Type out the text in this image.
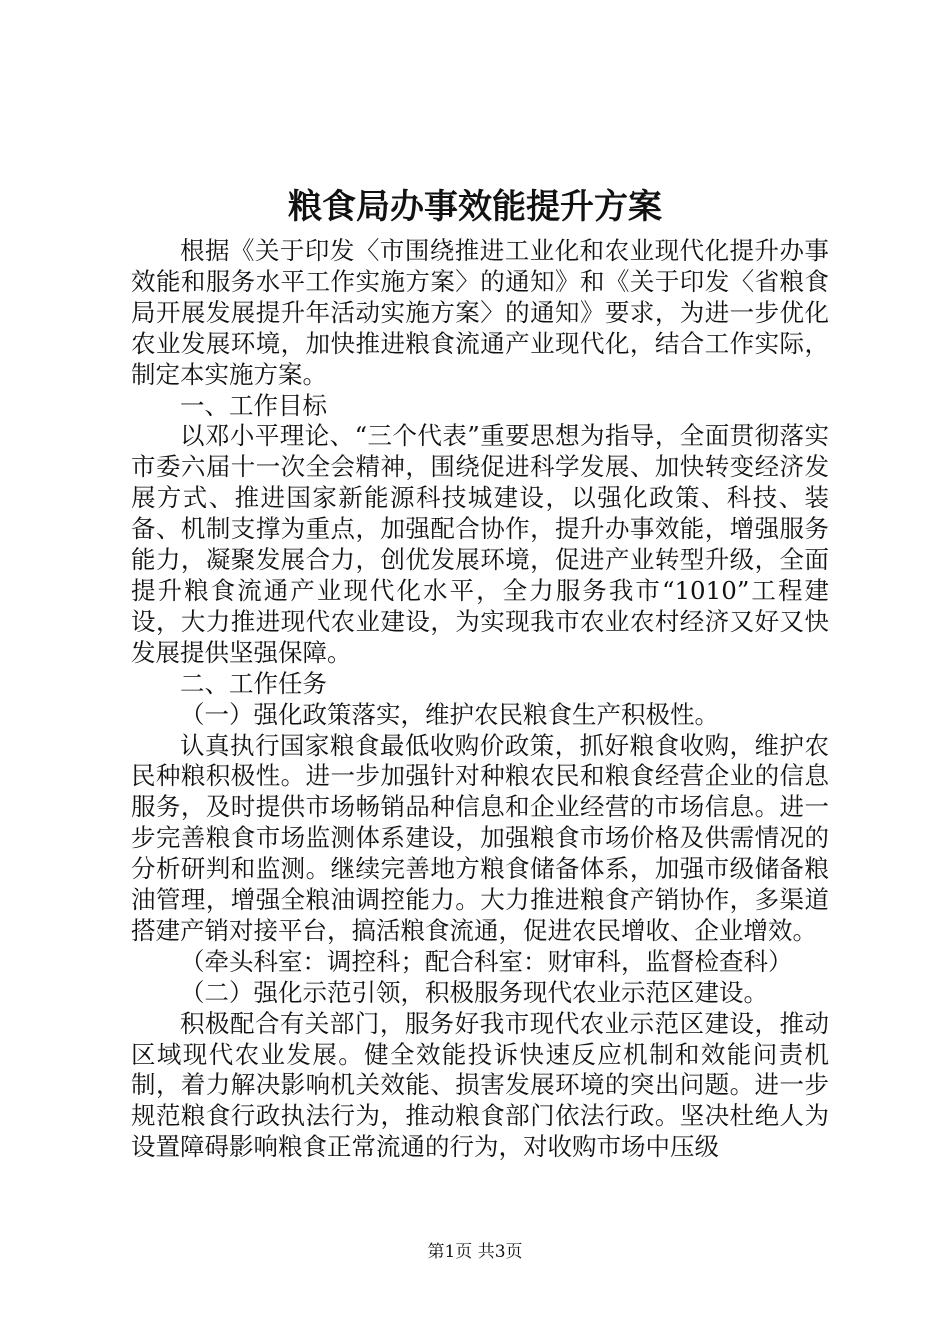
粮食局办事效能提升方案

根据《关于印发〈市围绕推进工业化和农业现代化提升办事效能和服务水平工作实施方案〉的通知》和《关于印发〈省粮食局开展发展提升年活动实施方案〉的通知》要求，为进一步优化农业发展环境，加快推进粮食流通产业现代化，结合工作实际，制定本实施方案。

一、工作目标

以邓小平理论、“三个代表”重要思想为指导，全面贯彻落实市委六届十一次全会精神，围绕促进科学发展、加快转变经济发展方式、推进国家新能源科技城建设，以强化政策、科技、装备、机制支撑为重点，加强配合协作，提升办事效能，增强服务能力，凝聚发展合力，创优发展环境，促进产业转型升级，全面提升粮食流通产业现代化水平，全力服务我市“1010”工程建设，大力推进现代农业建设，为实现我市农业农村经济又好又快发展提供坚强保障。

二、工作任务

（一）强化政策落实，维护农民粮食生产积极性。

认真执行国家粮食最低收购价政策，抓好粮食收购，维护农民种粮积极性。进一步加强针对种粮农民和粮食经营企业的信息服务，及时提供市场畅销品种信息和企业经营的市场信息。进一步完善粮食市场监测体系建设，加强粮食市场价格及供需情况的分析研判和监测。继续完善地方粮食储备体系，加强市级储备粮油管理，增强全粮油调控能力。大力推进粮食产销协作，多渠道搭建产销对接平台，搞活粮食流通，促进农民增收、企业增效。

（牵头科室：调控科；配合科室：财审科，监督检查科）

（二）强化示范引领，积极服务现代农业示范区建设。

积极配合有关部门，服务好我市现代农业示范区建设，推动区域现代农业发展。健全效能投诉快速反应机制和效能问责机制，着力解决影响机关效能、损害发展环境的突出问题。进一步规范粮食行政执法行为，推动粮食部门依法行政。坚决杜绝人为设置障碍影响粮食正常流通的行为，对收购市场中压级

第1页 共3页
